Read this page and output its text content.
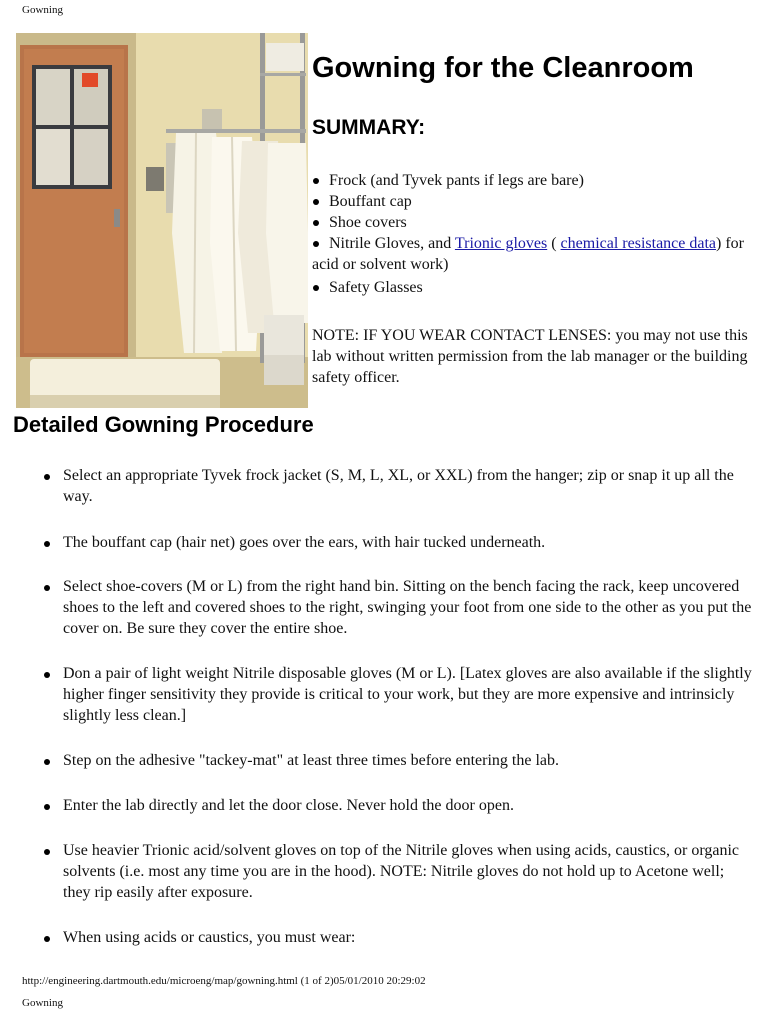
Gowning
Gowning for the Cleanroom
SUMMARY:
Frock (and Tyvek pants if legs are bare)
Bouffant cap
Shoe covers
Nitrile Gloves, and Trionic gloves ( chemical resistance data) for acid or solvent work)
Safety Glasses

NOTE: IF YOU WEAR CONTACT LENSES: you may not use this lab without written permission from the lab manager or the building safety officer.

Detailed Gowning Procedure
Select an appropriate Tyvek frock jacket (S, M, L, XL, or XXL) from the hanger; zip or snap it up all the way.
The bouffant cap (hair net) goes over the ears, with hair tucked underneath.
Select shoe-covers (M or L) from the right hand bin. Sitting on the bench facing the rack, keep uncovered shoes to the left and covered shoes to the right, swinging your foot from one side to the other as you put the cover on. Be sure they cover the entire shoe.
Don a pair of light weight Nitrile disposable gloves (M or L). [Latex gloves are also available if the slightly higher finger sensitivity they provide is critical to your work, but they are more expensive and intrinsicly slightly less clean.]
Step on the adhesive "tackey-mat" at least three times before entering the lab.
Enter the lab directly and let the door close. Never hold the door open.
Use heavier Trionic acid/solvent gloves on top of the Nitrile gloves when using acids, caustics, or organic solvents (i.e. most any time you are in the hood). NOTE: Nitrile gloves do not hold up to Acetone well; they rip easily after exposure.
When using acids or caustics, you must wear:
http://engineering.dartmouth.edu/microeng/map/gowning.html (1 of 2)05/01/2010 20:29:02
Gowning
